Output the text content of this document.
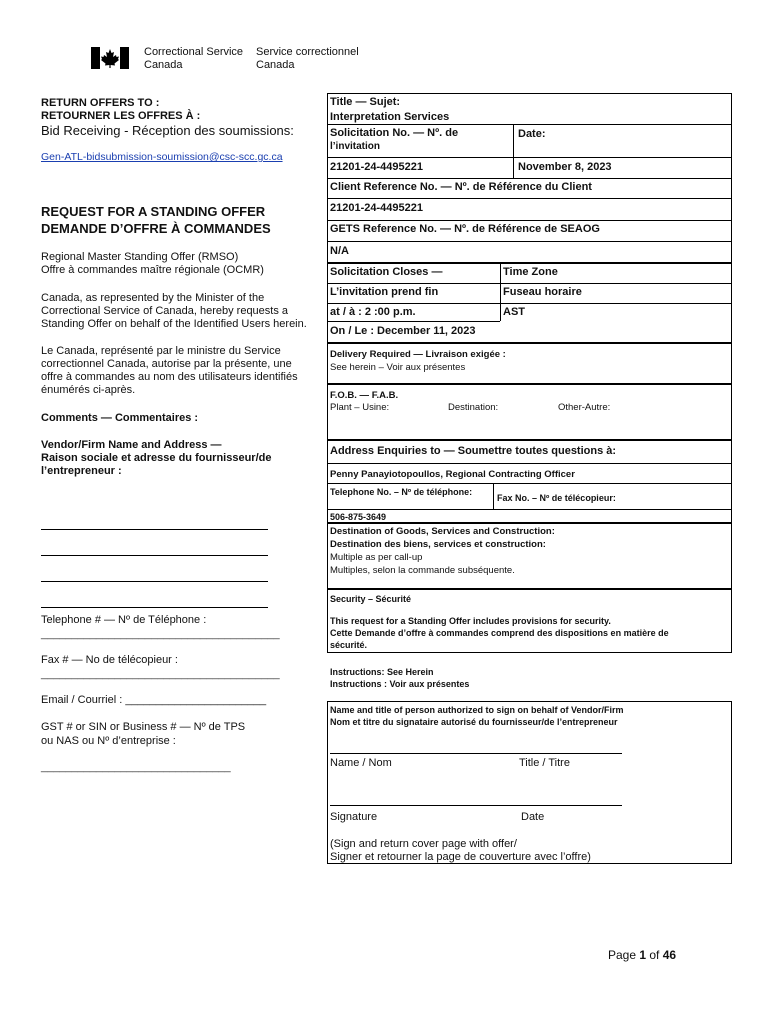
Correctional Service
Canada
Service correctionnel
Canada
RETURN OFFERS TO :
RETOURNER LES OFFRES À :
Bid Receiving - Réception des soumissions:
Gen-ATL-bidsubmission-soumission@csc-scc.gc.ca
REQUEST FOR A STANDING OFFER
DEMANDE D’OFFRE À COMMANDES
Regional Master Standing Offer (RMSO)
Offre à commandes maître régionale (OCMR)
Canada, as represented by the Minister of the
Correctional Service of Canada, hereby requests a
Standing Offer on behalf of the Identified Users herein.
Le Canada, représenté par le ministre du Service
correctionnel Canada, autorise par la présente, une
offre à commandes au nom des utilisateurs identifiés
énumérés ci-après.
Comments — Commentaires :
Vendor/Firm Name and Address —
Raison sociale et adresse du fournisseur/de
l’entrepreneur :
Telephone # — Nº de Téléphone :
_______________________________________
Fax # — No de télécopieur :
_______________________________________
Email / Courriel : _______________________
GST # or SIN or Business # — Nº de TPS
ou NAS ou Nº d’entreprise :
_______________________________
Title — Sujet:
Interpretation Services
Solicitation No. — Nº. de
l’invitation
Date:
21201-24-4495221	November 8, 2023
Client Reference No. — Nº. de Référence du Client
21201-24-4495221
GETS Reference No. — Nº. de Référence de SEAOG
N/A
Solicitation Closes —	Time Zone
L’invitation prend fin	Fuseau horaire
at / à : 2 :00 p.m.	AST
On / Le : December 11, 2023
Delivery Required — Livraison exigée :
See herein – Voir aux présentes
F.O.B. — F.A.B.
Plant – Usine:	Destination:	Other-Autre:
Address Enquiries to — Soumettre toutes questions à:
Penny Panayiotopoullos, Regional Contracting Officer
Telephone No. – Nº de téléphone:
Fax No. – Nº de télécopieur:
506-875-3649
Destination of Goods, Services and Construction:
Destination des biens, services et construction:
Multiple as per call-up
Multiples, selon la commande subséquente.
Security – Sécurité
This request for a Standing Offer includes provisions for security.
Cette Demande d’offre à commandes comprend des dispositions en matière de
sécurité.
Instructions: See Herein
Instructions : Voir aux présentes
Name and title of person authorized to sign on behalf of Vendor/Firm
Nom et titre du signataire autorisé du fournisseur/de l’entrepreneur
Name / Nom	Title / Titre
Signature	Date
(Sign and return cover page with offer/
Signer et retourner la page de couverture avec l’offre)
Page 1 of 46
